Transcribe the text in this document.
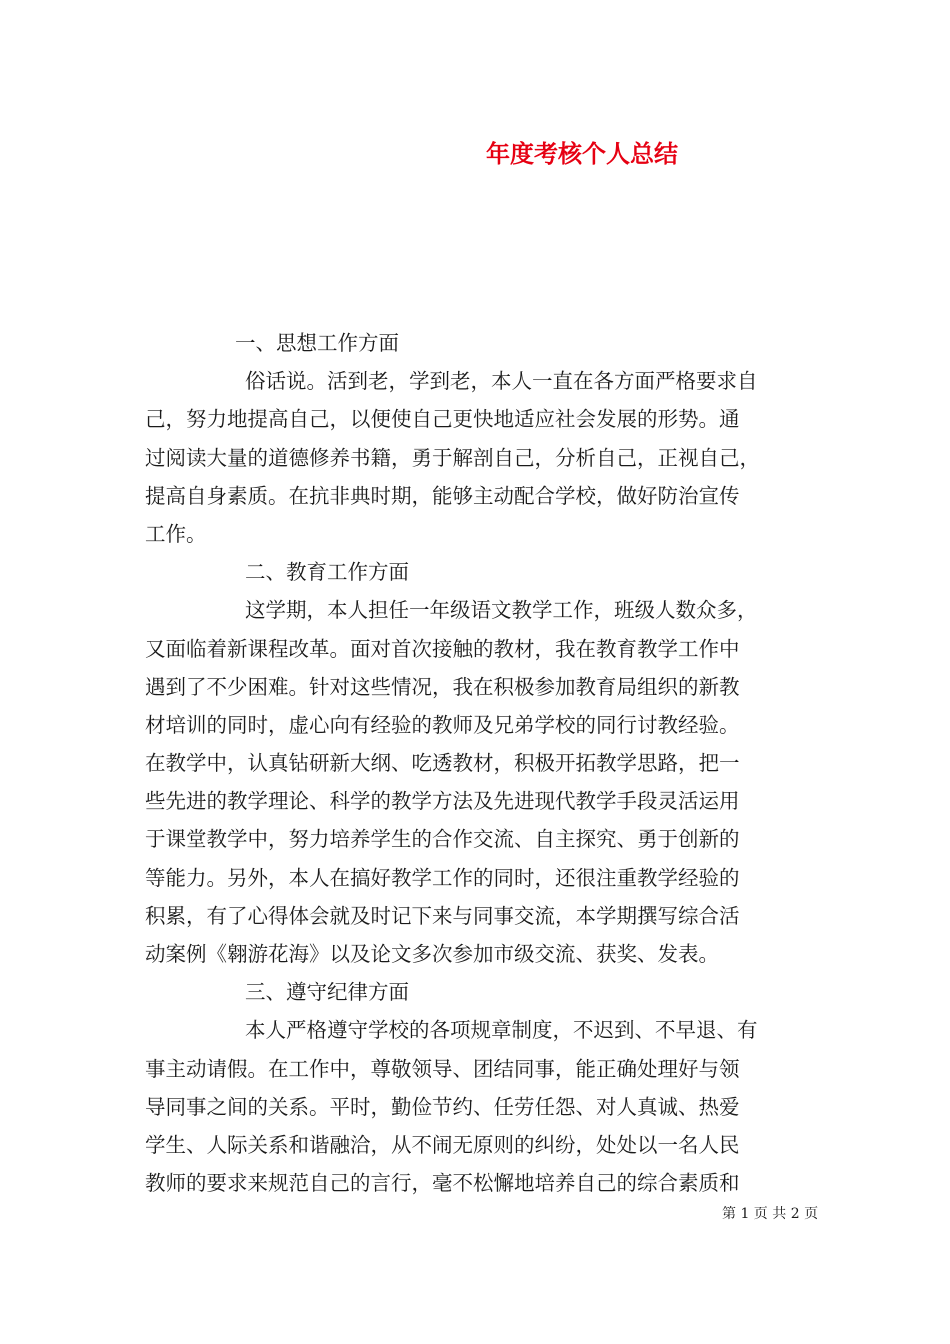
年度考核个人总结
一、思想工作方面
俗话说。活到老，学到老，本人一直在各方面严格要求自
己，努力地提高自己，以便使自己更快地适应社会发展的形势。通
过阅读大量的道德修养书籍，勇于解剖自己，分析自己，正视自己，
提高自身素质。在抗非典时期，能够主动配合学校，做好防治宣传
工作。
二、教育工作方面
这学期，本人担任一年级语文教学工作，班级人数众多，
又面临着新课程改革。面对首次接触的教材，我在教育教学工作中
遇到了不少困难。针对这些情况，我在积极参加教育局组织的新教
材培训的同时，虚心向有经验的教师及兄弟学校的同行讨教经验。
在教学中，认真钻研新大纲、吃透教材，积极开拓教学思路，把一
些先进的教学理论、科学的教学方法及先进现代教学手段灵活运用
于课堂教学中，努力培养学生的合作交流、自主探究、勇于创新的
等能力。另外，本人在搞好教学工作的同时，还很注重教学经验的
积累，有了心得体会就及时记下来与同事交流，本学期撰写综合活
动案例《翱游花海》以及论文多次参加市级交流、获奖、发表。
三、遵守纪律方面
本人严格遵守学校的各项规章制度，不迟到、不早退、有
事主动请假。在工作中，尊敬领导、团结同事，能正确处理好与领
导同事之间的关系。平时，勤俭节约、任劳任怨、对人真诚、热爱
学生、人际关系和谐融洽，从不闹无原则的纠纷，处处以一名人民
教师的要求来规范自己的言行，毫不松懈地培养自己的综合素质和
第 1 页 共 2 页
